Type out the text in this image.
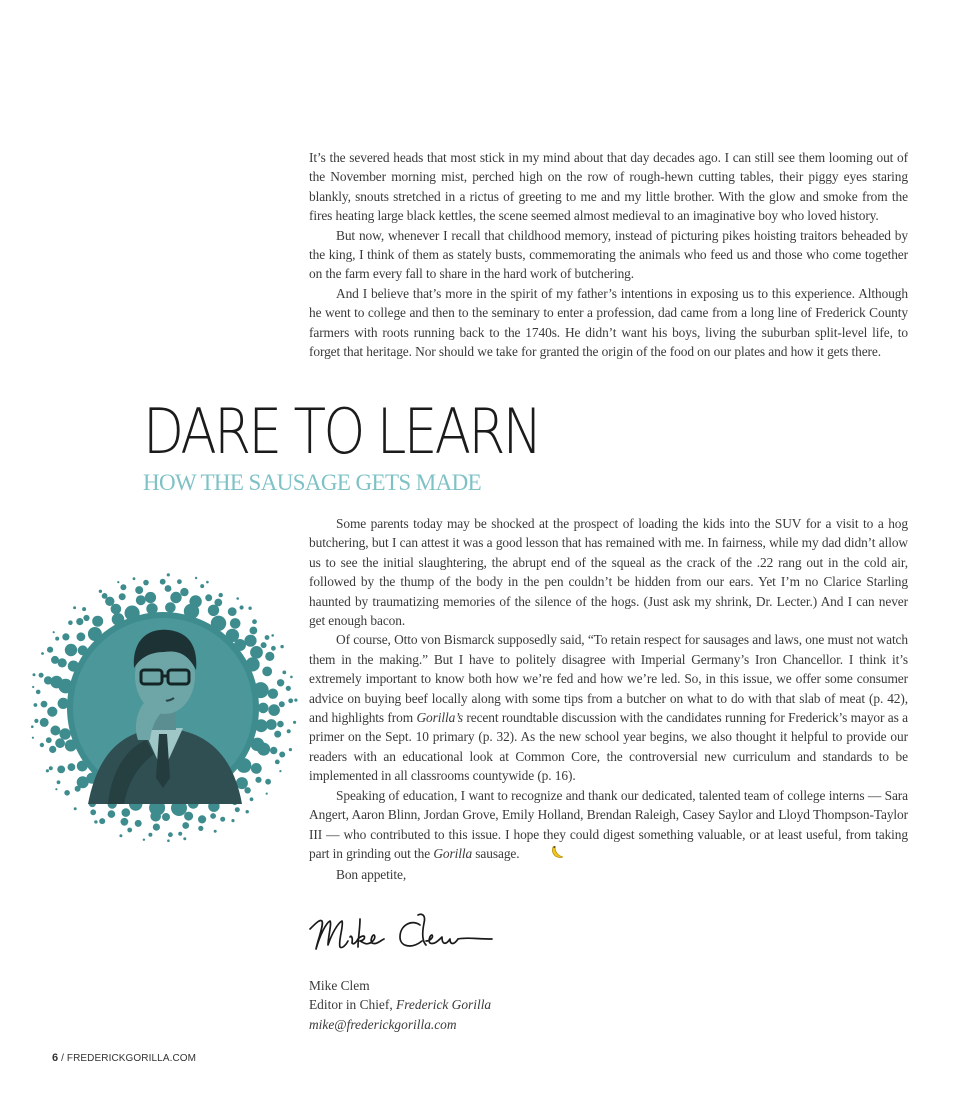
It’s the severed heads that most stick in my mind about that day decades ago. I can still see them looming out of the November morning mist, perched high on the row of rough-hewn cutting tables, their piggy eyes staring blankly, snouts stretched in a rictus of greeting to me and my little brother. With the glow and smoke from the fires heating large black kettles, the scene seemed almost medieval to an imaginative boy who loved history.

But now, whenever I recall that childhood memory, instead of picturing pikes hoisting traitors beheaded by the king, I think of them as stately busts, commemorating the animals who feed us and those who come together on the farm every fall to share in the hard work of butchering.

And I believe that’s more in the spirit of my father’s intentions in exposing us to this experience. Although he went to college and then to the seminary to enter a profession, dad came from a long line of Frederick County farmers with roots running back to the 1740s. He didn’t want his boys, living the suburban split-level life, to forget that heritage. Nor should we take for granted the origin of the food on our plates and how it gets there.

DARE TO LEARN
HOW THE SAUSAGE GETS MADE

Some parents today may be shocked at the prospect of loading the kids into the SUV for a visit to a hog butchering, but I can attest it was a good lesson that has remained with me. In fairness, while my dad didn’t allow us to see the initial slaughtering, the abrupt end of the squeal as the crack of the .22 rang out in the cold air, followed by the thump of the body in the pen couldn’t be hidden from our ears. Yet I’m no Clarice Starling haunted by traumatizing memories of the silence of the hogs. (Just ask my shrink, Dr. Lecter.) And I can never get enough bacon.

Of course, Otto von Bismarck supposedly said, “To retain respect for sausages and laws, one must not watch them in the making.” But I have to politely disagree with Imperial Germany’s Iron Chancellor. I think it’s extremely important to know both how we’re fed and how we’re led. So, in this issue, we offer some consumer advice on buying beef locally along with some tips from a butcher on what to do with that slab of meat (p. 42), and highlights from Gorilla’s recent roundtable discussion with the candidates running for Frederick’s mayor as a primer on the Sept. 10 primary (p. 32). As the new school year begins, we also thought it helpful to provide our readers with an educational look at Common Core, the controversial new curriculum and standards to be implemented in all classrooms countywide (p. 16).

Speaking of education, I want to recognize and thank our dedicated, talented team of college interns — Sara Angert, Aaron Blinn, Jordan Grove, Emily Holland, Brendan Raleigh, Casey Saylor and Lloyd Thompson-Taylor III — who contributed to this issue. I hope they could digest something valuable, or at least useful, from taking part in grinding out the Gorilla sausage.

Bon appetite,

Mike Clem
Editor in Chief, Frederick Gorilla
mike@frederickgorilla.com
6 / FREDERICKGORILLA.COM
